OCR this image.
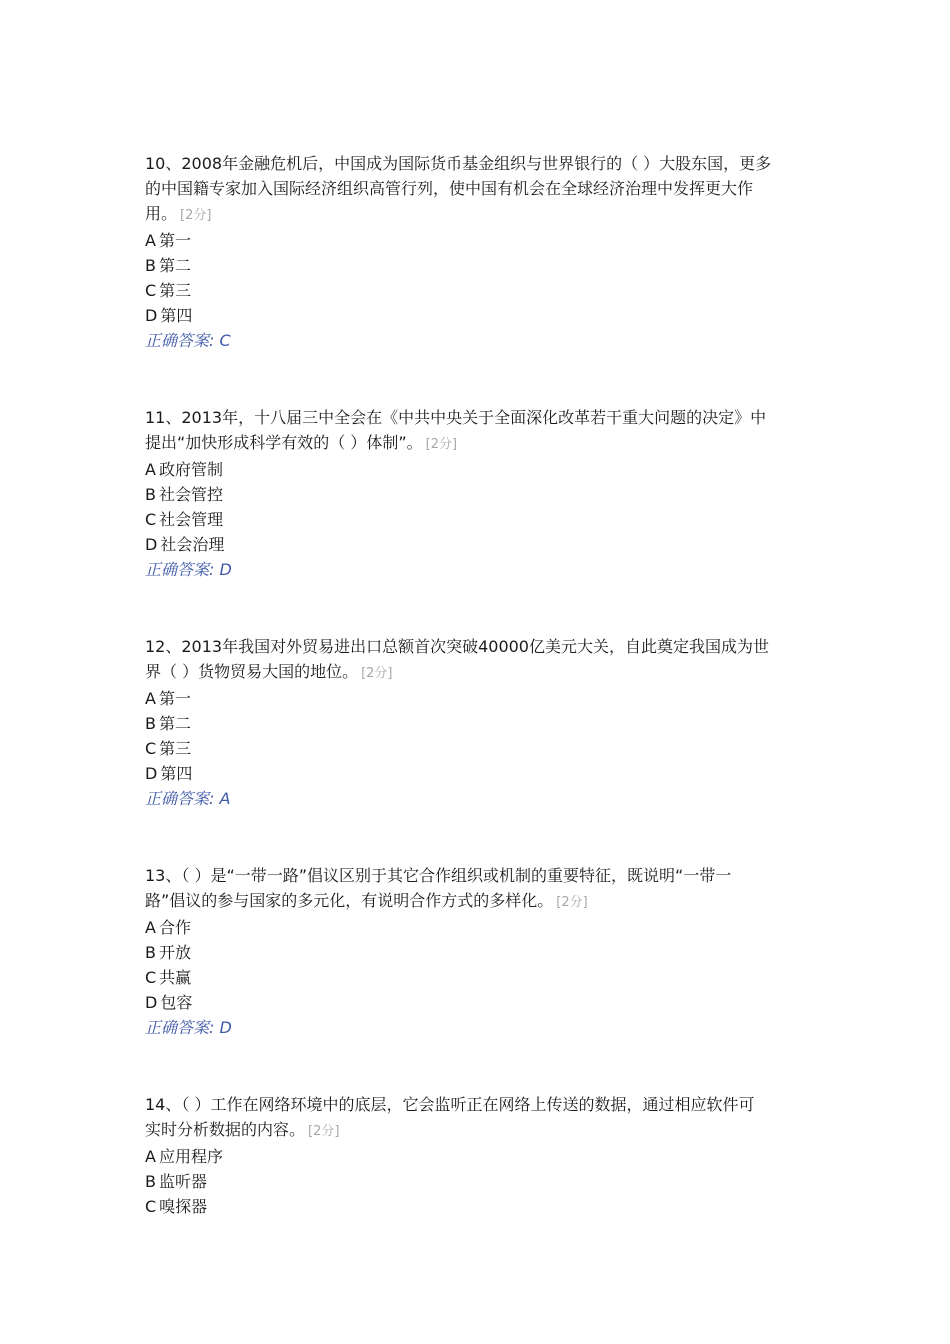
10、2008年金融危机后，中国成为国际货币基金组织与世界银行的（ ）大股东国，更多
的中国籍专家加入国际经济组织高管行列，使中国有机会在全球经济治理中发挥更大作
用。 [2分]

A 第一

B 第二

C 第三

D 第四

正确答案: C

11、2013年，十八届三中全会在《中共中央关于全面深化改革若干重大问题的决定》中
提出“加快形成科学有效的（ ）体制”。 [2分]

A 政府管制

B 社会管控

C 社会管理

D 社会治理

正确答案: D

12、2013年我国对外贸易进出口总额首次突破40000亿美元大关，自此奠定我国成为世
界（ ）货物贸易大国的地位。 [2分]

A 第一

B 第二

C 第三

D 第四

正确答案: A

13、（ ）是“一带一路”倡议区别于其它合作组织或机制的重要特征，既说明“一带一
路”倡议的参与国家的多元化，有说明合作方式的多样化。 [2分]

A 合作

B 开放

C 共赢

D 包容

正确答案: D

14、（ ）工作在网络环境中的底层，它会监听正在网络上传送的数据，通过相应软件可
实时分析数据的内容。 [2分]

A 应用程序

B 监听器

C 嗅探器
